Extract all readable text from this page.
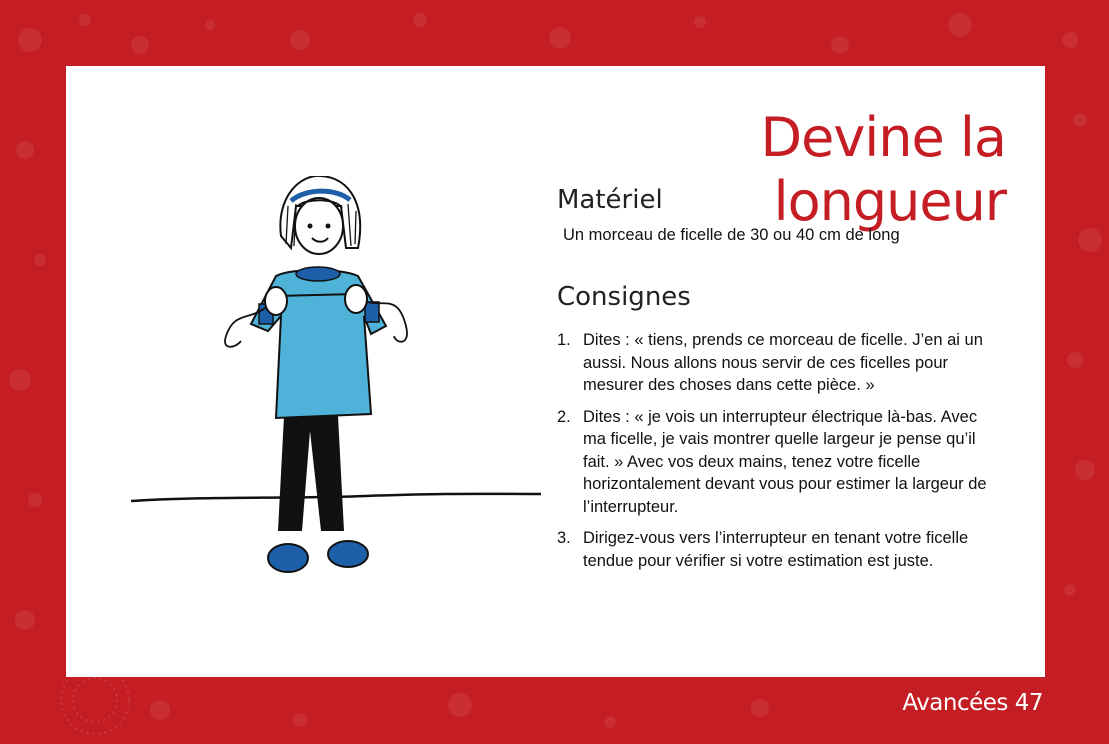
Devine la longueur
Matériel
Un morceau de ficelle de 30 ou 40 cm de long
Consignes
1. Dites : « tiens, prends ce morceau de ficelle. J’en ai un aussi. Nous allons nous servir de ces ficelles pour mesurer des choses dans cette pièce. »
2. Dites : « je vois un interrupteur électrique là-bas. Avec ma ficelle, je vais montrer quelle largeur je pense qu’il fait. » Avec vos deux mains, tenez votre ficelle horizontalement devant vous pour estimer la largeur de l’interrupteur.
3. Dirigez-vous vers l’interrupteur en tenant votre ficelle tendue pour vérifier si votre estimation est juste.
Avancées 47
